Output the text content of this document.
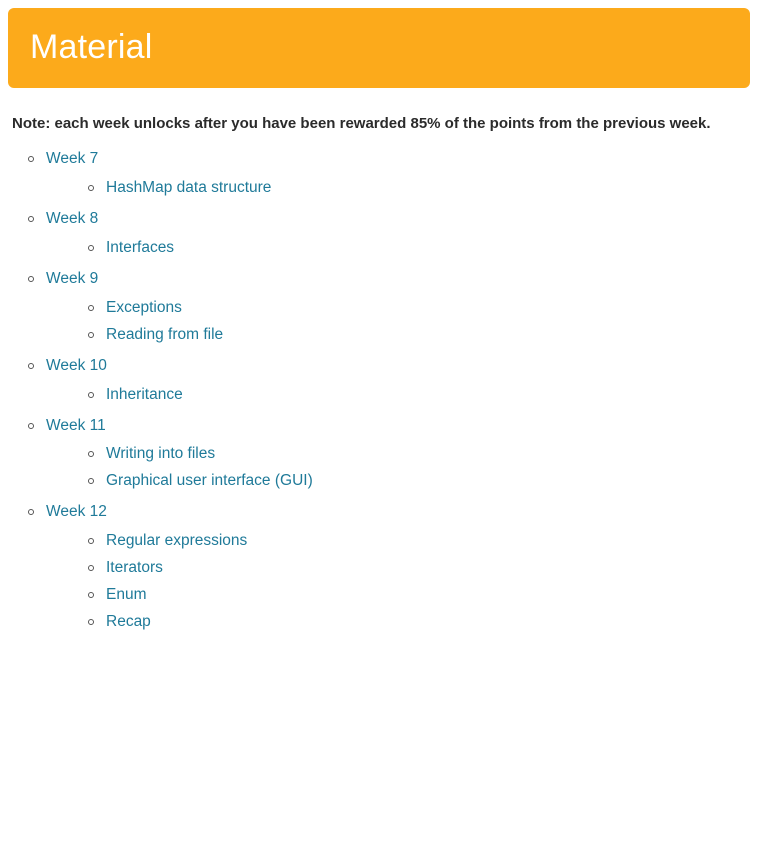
Material
Note: each week unlocks after you have been rewarded 85% of the points from the previous week.
Week 7
HashMap data structure
Week 8
Interfaces
Week 9
Exceptions
Reading from file
Week 10
Inheritance
Week 11
Writing into files
Graphical user interface (GUI)
Week 12
Regular expressions
Iterators
Enum
Recap
